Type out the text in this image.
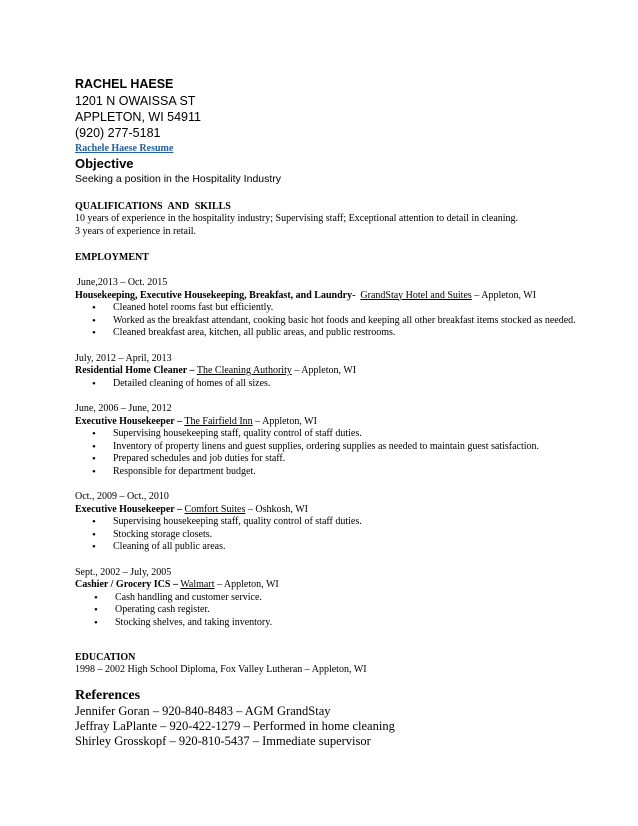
RACHEL HAESE
1201 N OWAISSA ST
APPLETON, WI 54911
(920) 277-5181
Rachele Haese Resume
Objective
Seeking a position in the Hospitality Industry
QUALIFICATIONS AND SKILLS
10 years of experience in the hospitality industry; Supervising staff; Exceptional attention to detail in cleaning.
3 years of experience in retail.
EMPLOYMENT
June,2013 – Oct. 2015
Housekeeping, Executive Housekeeping, Breakfast, and Laundry- GrandStay Hotel and Suites – Appleton, WI
• Cleaned hotel rooms fast but efficiently.
• Worked as the breakfast attendant, cooking basic hot foods and keeping all other breakfast items stocked as needed.
• Cleaned breakfast area, kitchen, all public areas, and public restrooms.
July, 2012 – April, 2013
Residential Home Cleaner – The Cleaning Authority – Appleton, WI
• Detailed cleaning of homes of all sizes.
June, 2006 – June, 2012
Executive Housekeeper – The Fairfield Inn – Appleton, WI
• Supervising housekeeping staff, quality control of staff duties.
• Inventory of property linens and guest supplies, ordering supplies as needed to maintain guest satisfaction.
• Prepared schedules and job duties for staff.
• Responsible for department budget.
Oct., 2009 – Oct., 2010
Executive Housekeeper – Comfort Suites – Oshkosh, WI
• Supervising housekeeping staff, quality control of staff duties.
• Stocking storage closets.
• Cleaning of all public areas.
Sept., 2002 – July, 2005
Cashier / Grocery ICS – Walmart – Appleton, WI
• Cash handling and customer service.
• Operating cash register.
• Stocking shelves, and taking inventory.
EDUCATION
1998 – 2002 High School Diploma, Fox Valley Lutheran – Appleton, WI
References
Jennifer Goran – 920-840-8483 – AGM GrandStay
Jeffray LaPlante – 920-422-1279 – Performed in home cleaning
Shirley Grosskopf – 920-810-5437 – Immediate supervisor
